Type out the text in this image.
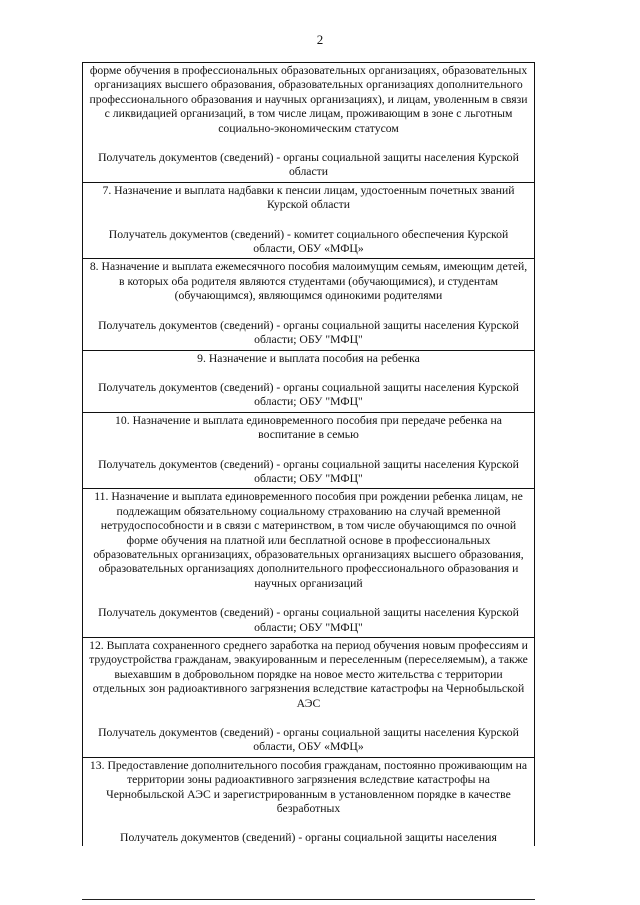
2
форме обучения в профессиональных образовательных организациях, образовательных организациях высшего образования, образовательных организациях дополнительного профессионального образования и научных организациях), и лицам, уволенным в связи с ликвидацией организаций, в том числе лицам, проживающим в зоне с льготным социально-экономическим статусом
Получатель документов (сведений) - органы социальной защиты населения Курской области

7. Назначение и выплата надбавки к пенсии лицам, удостоенным почетных званий Курской области
Получатель документов (сведений) - комитет социального обеспечения Курской области, ОБУ «МФЦ»

8. Назначение и выплата ежемесячного пособия малоимущим семьям, имеющим детей, в которых оба родителя являются студентами (обучающимися), и студентам (обучающимся), являющимся одинокими родителями
Получатель документов (сведений) - органы социальной защиты населения Курской области; ОБУ "МФЦ"

9. Назначение и выплата пособия на ребенка
Получатель документов (сведений) - органы социальной защиты населения Курской области; ОБУ "МФЦ"

10. Назначение и выплата единовременного пособия при передаче ребенка на воспитание в семью
Получатель документов (сведений) - органы социальной защиты населения Курской области; ОБУ "МФЦ"

11. Назначение и выплата единовременного пособия при рождении ребенка лицам, не подлежащим обязательному социальному страхованию на случай временной нетрудоспособности и в связи с материнством, в том числе обучающимся по очной форме обучения на платной или бесплатной основе в профессиональных образовательных организациях, образовательных организациях высшего образования, образовательных организациях дополнительного профессионального образования и научных организаций
Получатель документов (сведений) - органы социальной защиты населения Курской области; ОБУ "МФЦ"

12. Выплата сохраненного среднего заработка на период обучения новым профессиям и трудоустройства гражданам, эвакуированным и переселенным (переселяемым), а также выехавшим в добровольном порядке на новое место жительства с территории отдельных зон радиоактивного загрязнения вследствие катастрофы на Чернобыльской АЭС
Получатель документов (сведений) - органы социальной защиты населения Курской области, ОБУ «МФЦ»

13. Предоставление дополнительного пособия гражданам, постоянно проживающим на территории зоны радиоактивного загрязнения вследствие катастрофы на Чернобыльской АЭС и зарегистрированным в установленном порядке в качестве безработных
Получатель документов (сведений) - органы социальной защиты населения
